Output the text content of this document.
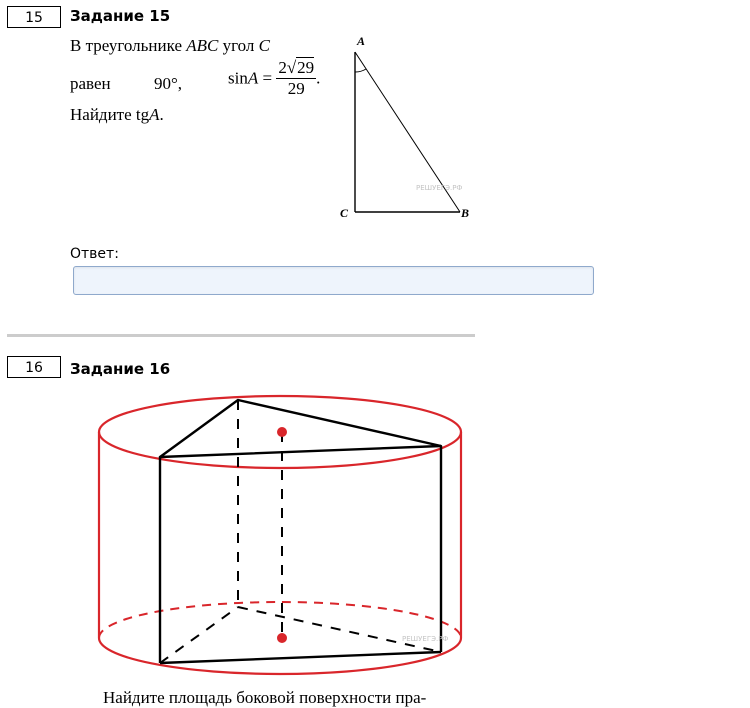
15	Задание 15
В треугольнике ABC угол C
равен	90°,	$\sin A = \frac{2√29}{29}$ .
Найдите tgA.
A
B
C
РЕШУЕГЭ.РФ
Ответ:
16	Задание 16
РЕШУЕГЭ.РФ
Найдите площадь боковой поверхности пра-
